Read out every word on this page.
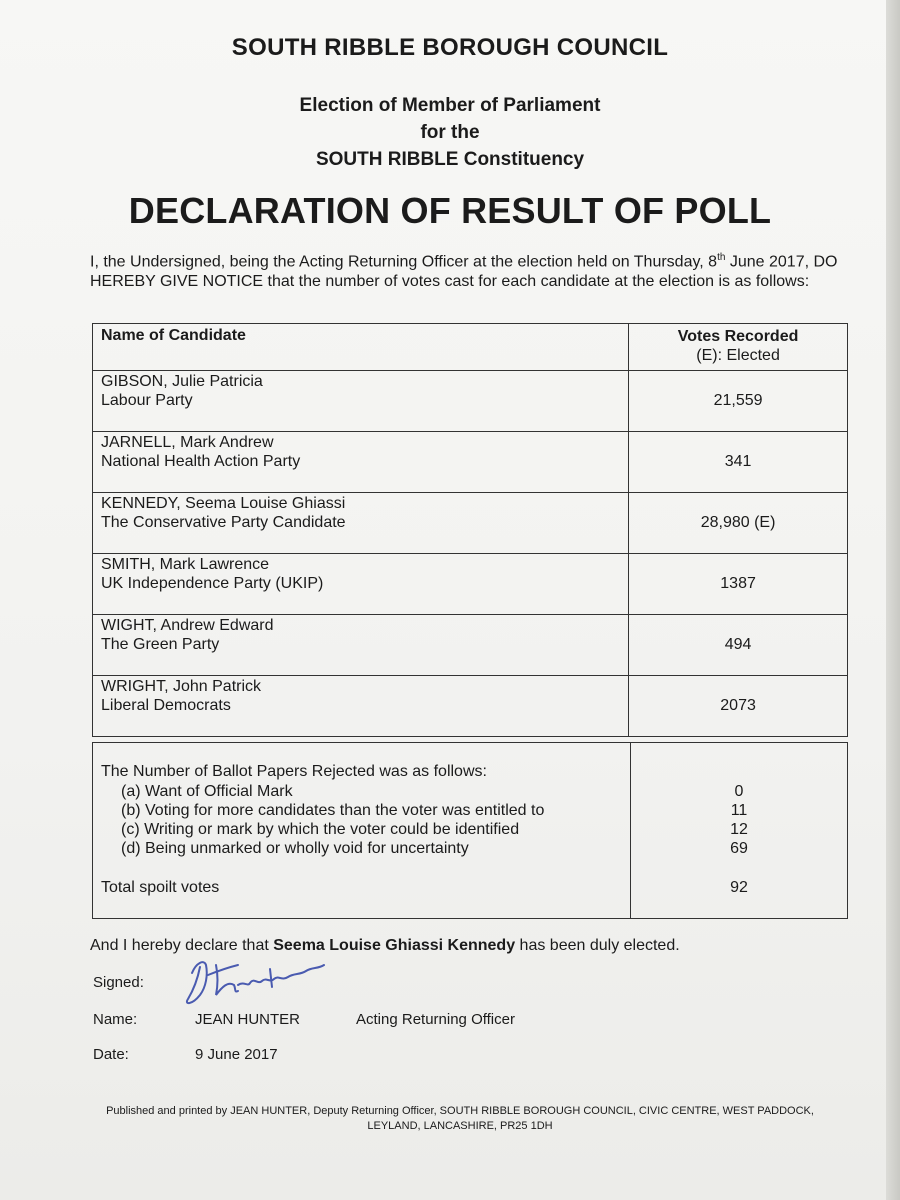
SOUTH RIBBLE BOROUGH COUNCIL
Election of Member of Parliament
for the
SOUTH RIBBLE Constituency
DECLARATION OF RESULT OF POLL
I, the Undersigned, being the Acting Returning Officer at the election held on Thursday, 8th June 2017, DO HEREBY GIVE NOTICE that the number of votes cast for each candidate at the election is as follows:
Name of Candidate	Votes Recorded
(E): Elected

GIBSON, Julie Patricia
Labour Party	21,559

JARNELL, Mark Andrew
National Health Action Party	341

KENNEDY, Seema Louise Ghiassi
The Conservative Party Candidate	28,980 (E)

SMITH, Mark Lawrence
UK Independence Party (UKIP)	1387

WIGHT, Andrew Edward
The Green Party	494

WRIGHT, John Patrick
Liberal Democrats	2073
The Number of Ballot Papers Rejected was as follows:
(a) Want of Official Mark	0
(b) Voting for more candidates than the voter was entitled to	11
(c) Writing or mark by which the voter could be identified	12
(d) Being unmarked or wholly void for uncertainty	69
Total spoilt votes	92
And I hereby declare that Seema Louise Ghiassi Kennedy has been duly elected.
Signed:
Name:	JEAN HUNTER	Acting Returning Officer
Date:	9 June 2017
Published and printed by JEAN HUNTER, Deputy Returning Officer, SOUTH RIBBLE BOROUGH COUNCIL, CIVIC CENTRE, WEST PADDOCK, LEYLAND, LANCASHIRE, PR25 1DH
